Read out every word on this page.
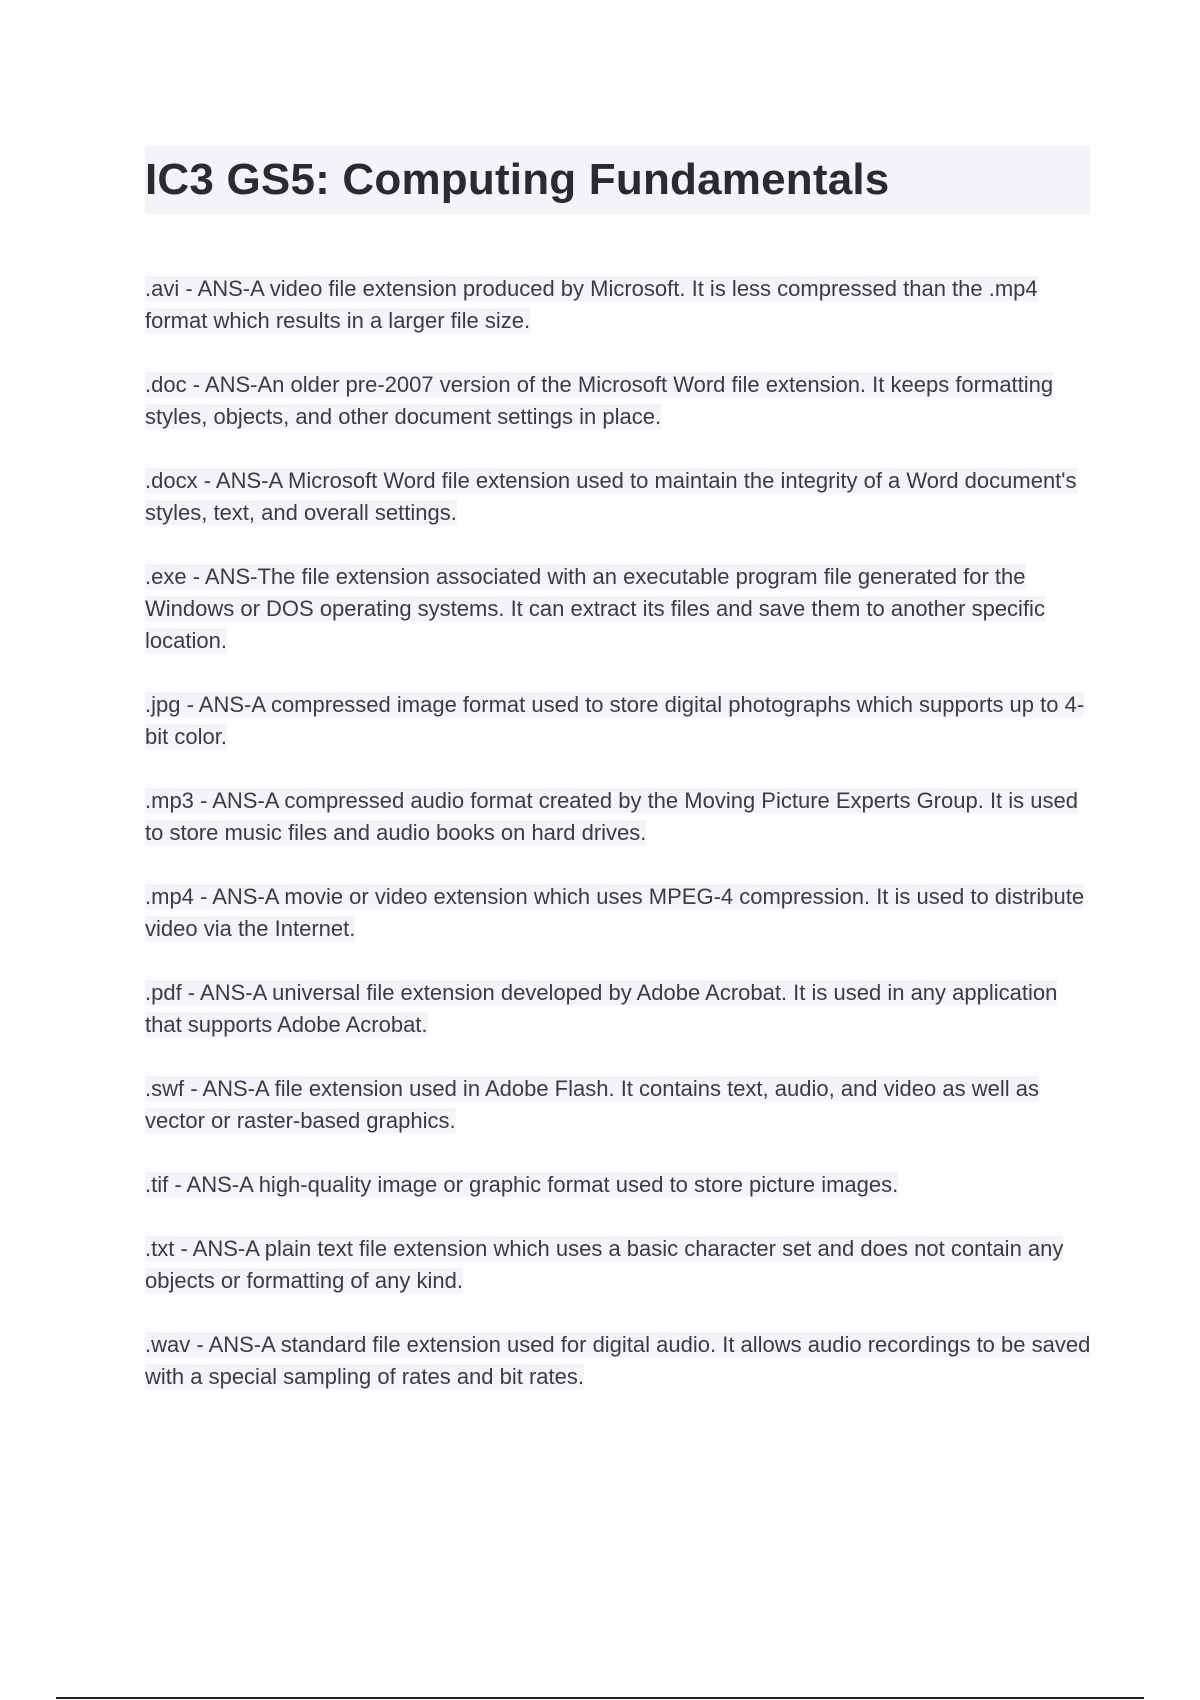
IC3 GS5: Computing Fundamentals

.avi - ANS-A video file extension produced by Microsoft. It is less compressed than the .mp4 format which results in a larger file size.

.doc - ANS-An older pre-2007 version of the Microsoft Word file extension. It keeps formatting styles, objects, and other document settings in place.

.docx - ANS-A Microsoft Word file extension used to maintain the integrity of a Word document's styles, text, and overall settings.

.exe - ANS-The file extension associated with an executable program file generated for the Windows or DOS operating systems. It can extract its files and save them to another specific location.

.jpg - ANS-A compressed image format used to store digital photographs which supports up to 4-bit color.

.mp3 - ANS-A compressed audio format created by the Moving Picture Experts Group. It is used to store music files and audio books on hard drives.

.mp4 - ANS-A movie or video extension which uses MPEG-4 compression. It is used to distribute video via the Internet.

.pdf - ANS-A universal file extension developed by Adobe Acrobat. It is used in any application that supports Adobe Acrobat.

.swf - ANS-A file extension used in Adobe Flash. It contains text, audio, and video as well as vector or raster-based graphics.

.tif - ANS-A high-quality image or graphic format used to store picture images.

.txt - ANS-A plain text file extension which uses a basic character set and does not contain any objects or formatting of any kind.

.wav - ANS-A standard file extension used for digital audio. It allows audio recordings to be saved with a special sampling of rates and bit rates.
